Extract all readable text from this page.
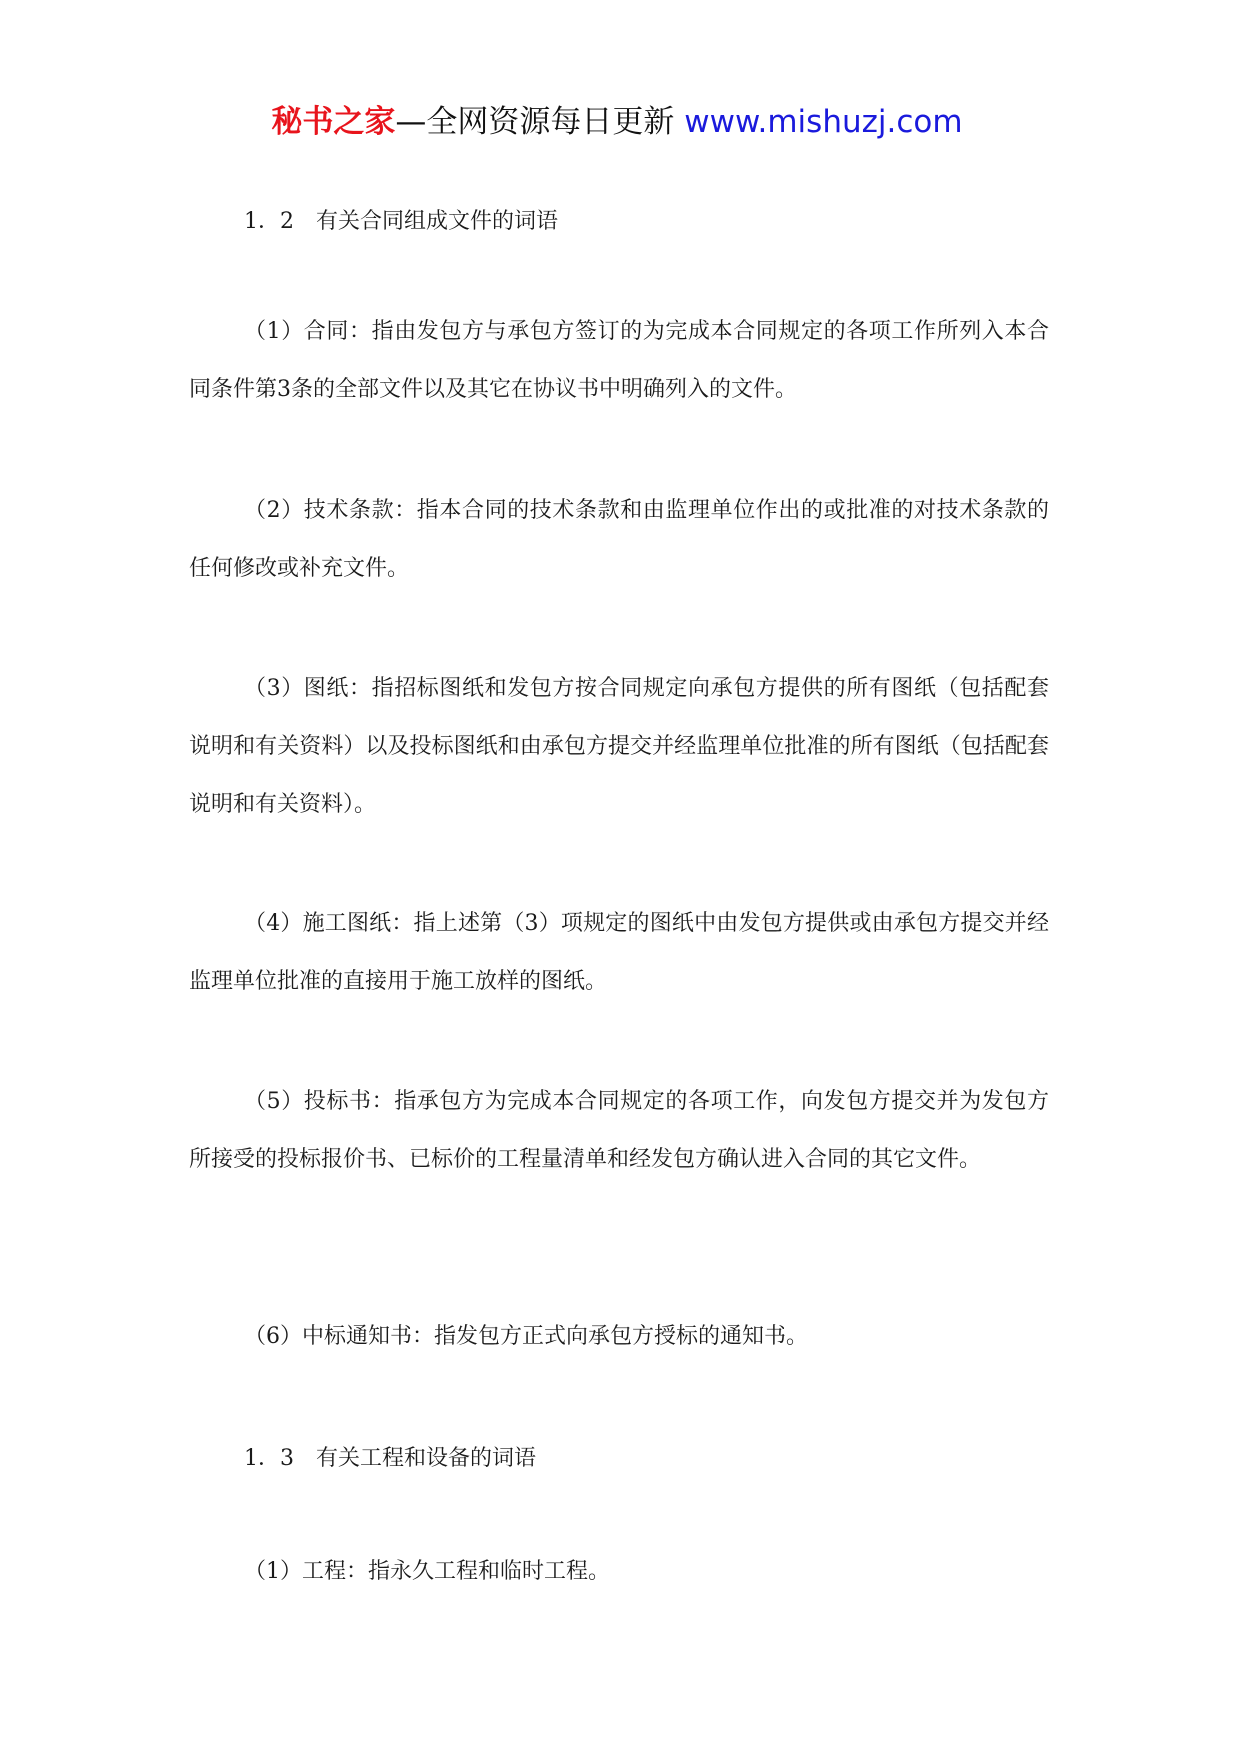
秘书之家—全网资源每日更新 www.mishuzj.com

1．2　有关合同组成文件的词语

（1）合同：指由发包方与承包方签订的为完成本合同规定的各项工作所列入本合同条件第3条的全部文件以及其它在协议书中明确列入的文件。

（2）技术条款：指本合同的技术条款和由监理单位作出的或批准的对技术条款的任何修改或补充文件。

（3）图纸：指招标图纸和发包方按合同规定向承包方提供的所有图纸（包括配套说明和有关资料）以及投标图纸和由承包方提交并经监理单位批准的所有图纸（包括配套说明和有关资料）。

（4）施工图纸：指上述第（3）项规定的图纸中由发包方提供或由承包方提交并经监理单位批准的直接用于施工放样的图纸。

（5）投标书：指承包方为完成本合同规定的各项工作，向发包方提交并为发包方所接受的投标报价书、已标价的工程量清单和经发包方确认进入合同的其它文件。

（6）中标通知书：指发包方正式向承包方授标的通知书。

1．3　有关工程和设备的词语

（1）工程：指永久工程和临时工程。
